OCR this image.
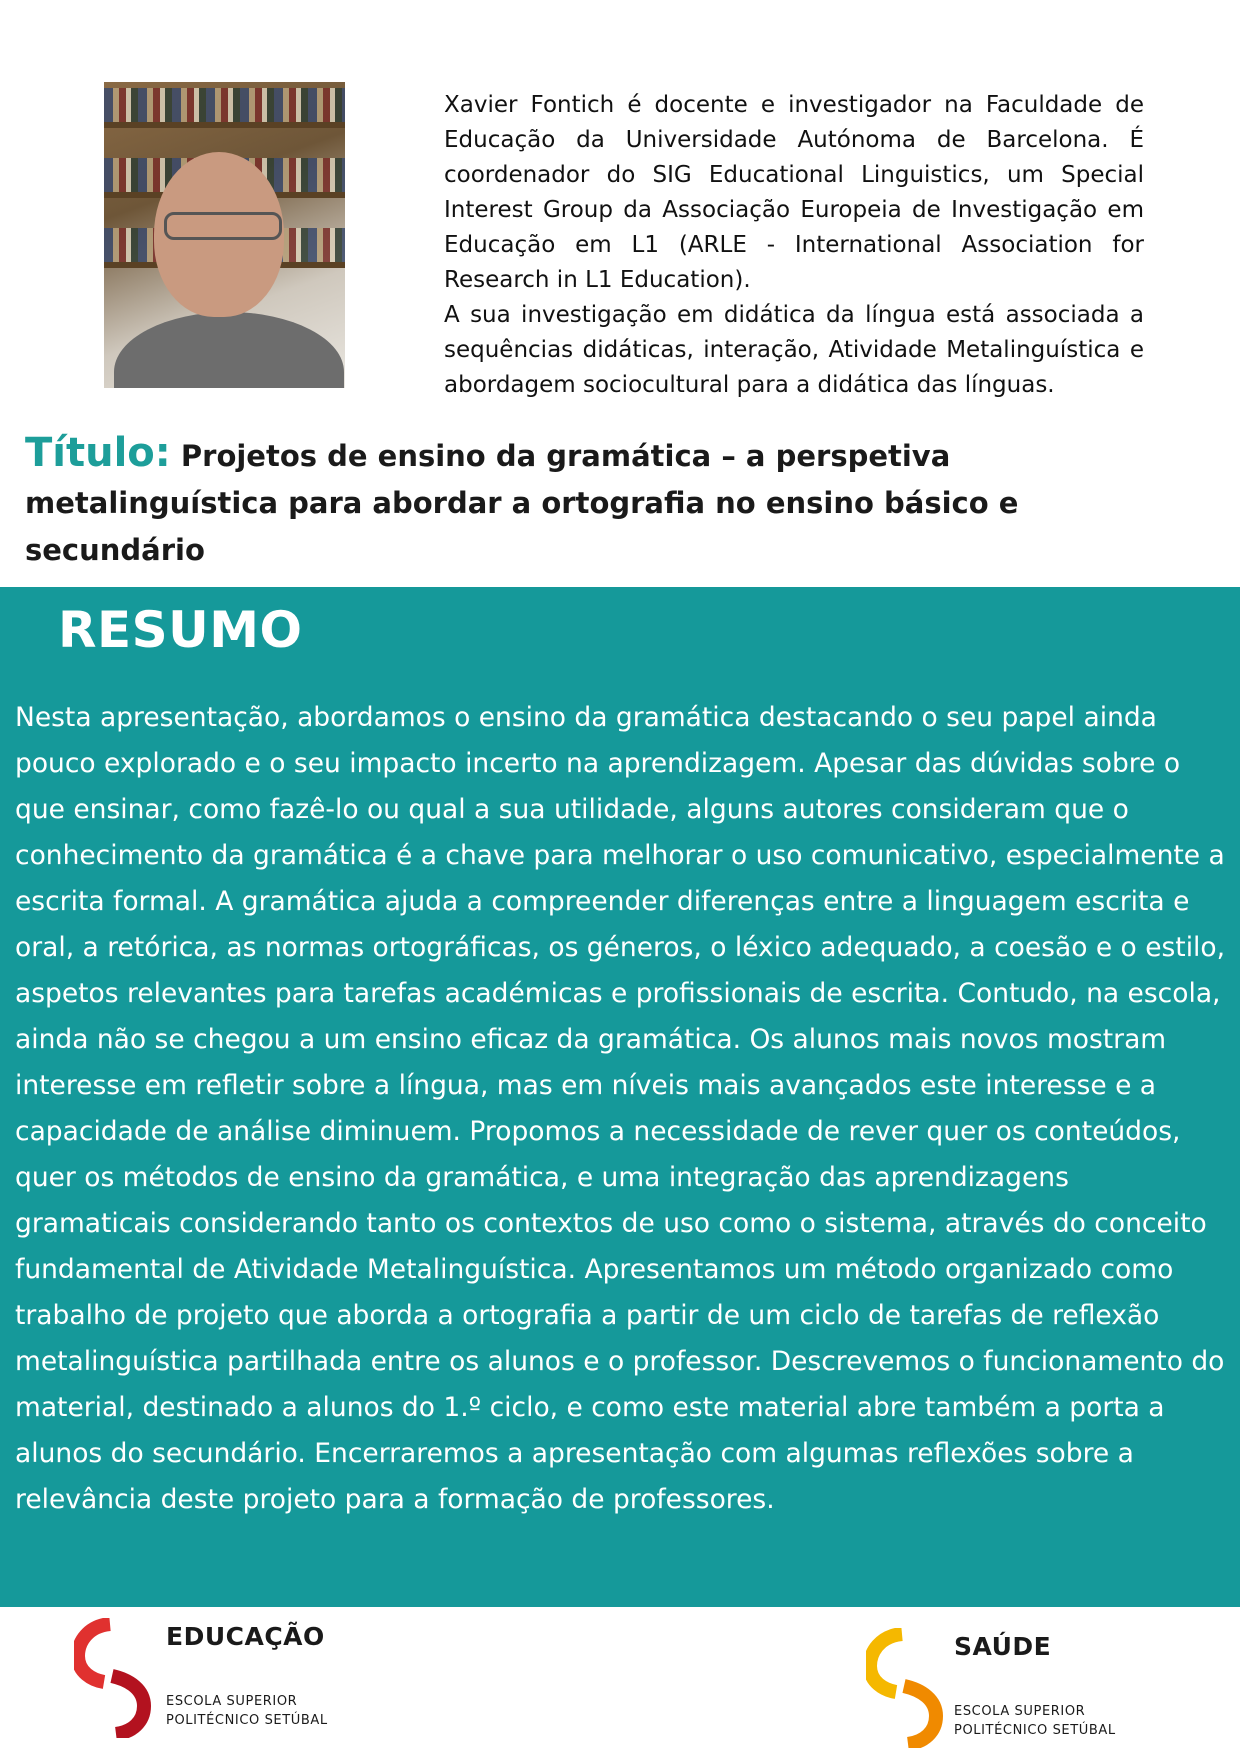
Xavier Fontich é docente e investigador na Faculdade de Educação da Universidade Autónoma de Barcelona. É coordenador do SIG Educational Linguistics, um Special Interest Group da Associação Europeia de Investigação em Educação em L1 (ARLE - International Association for Research in L1 Education).

A sua investigação em didática da língua está associada a sequências didáticas, interação, Atividade Metalinguística e abordagem sociocultural para a didática das línguas.

Título: Projetos de ensino da gramática – a perspetiva metalinguística para abordar a ortografia no ensino básico e secundário
RESUMO

Nesta apresentação, abordamos o ensino da gramática destacando o seu papel ainda pouco explorado e o seu impacto incerto na aprendizagem. Apesar das dúvidas sobre o que ensinar, como fazê-lo ou qual a sua utilidade, alguns autores consideram que o conhecimento da gramática é a chave para melhorar o uso comunicativo, especialmente a escrita formal. A gramática ajuda a compreender diferenças entre a linguagem escrita e oral, a retórica, as normas ortográficas, os géneros, o léxico adequado, a coesão e o estilo, aspetos relevantes para tarefas académicas e profissionais de escrita. Contudo, na escola, ainda não se chegou a um ensino eficaz da gramática. Os alunos mais novos mostram interesse em refletir sobre a língua, mas em níveis mais avançados este interesse e a capacidade de análise diminuem. Propomos a necessidade de rever quer os conteúdos, quer os métodos de ensino da gramática, e uma integração das aprendizagens gramaticais considerando tanto os contextos de uso como o sistema, através do conceito fundamental de Atividade Metalinguística. Apresentamos um método organizado como trabalho de projeto que aborda a ortografia a partir de um ciclo de tarefas de reflexão metalinguística partilhada entre os alunos e o professor. Descrevemos o funcionamento do material, destinado a alunos do 1.º ciclo, e como este material abre também a porta a alunos do secundário. Encerraremos a apresentação com algumas reflexões sobre a relevância deste projeto para a formação de professores.

EDUCAÇÃO
ESCOLA SUPERIOR
POLITÉCNICO SETÚBAL
SAÚDE
ESCOLA SUPERIOR
POLITÉCNICO SETÚBAL
